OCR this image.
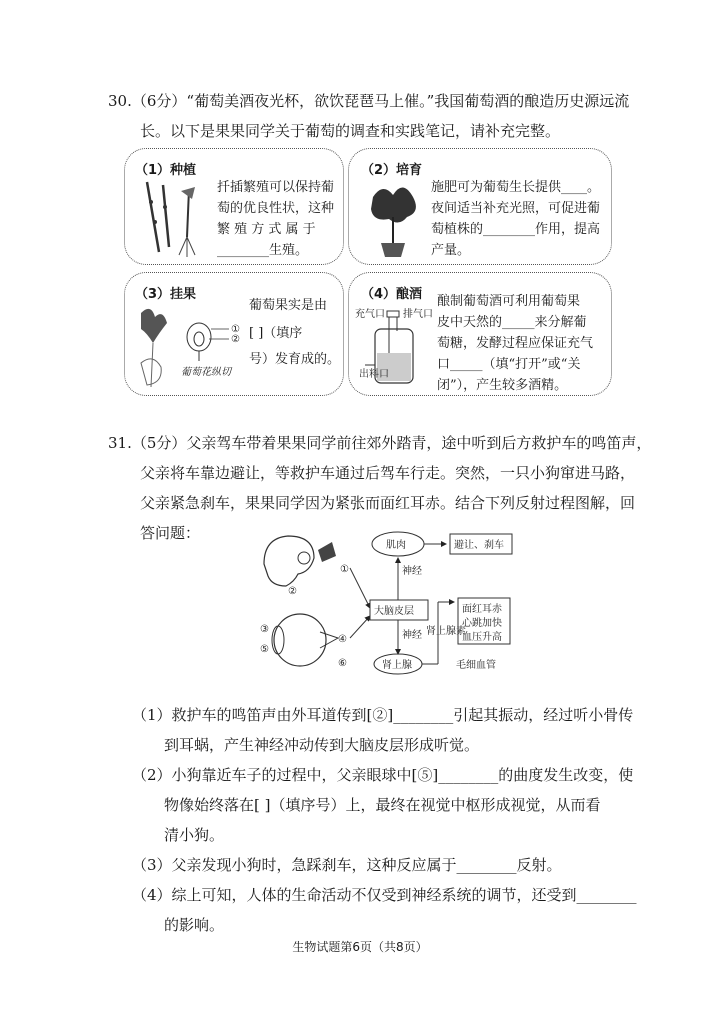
30.（6分）“葡萄美酒夜光杯，欲饮琵琶马上催。”我国葡萄酒的酿造历史源远流
长。以下是果果同学关于葡萄的调查和实践笔记，请补充完整。
（1）种植
扦插繁殖可以保持葡
萄的优良性状，这种
繁 殖 方 式 属 于
________生殖。
（2）培育
施肥可为葡萄生长提供____。
夜间适当补充光照，可促进葡
萄植株的________作用，提高
产量。
（3）挂果
①
②
葡萄花纵切
葡萄果实是由
[ ]（填序
号）发育成的。
（4）酿酒
充气口 排气口
出料口
酿制葡萄酒可利用葡萄果
皮中天然的_____来分解葡
萄糖，发酵过程应保证充气
口_____（填“打开”或“关
闭”），产生较多酒精。
31.（5分）父亲驾车带着果果同学前往郊外踏青，途中听到后方救护车的鸣笛声，
父亲将车靠边避让，等救护车通过后驾车行走。突然，一只小狗窜进马路，
父亲紧急刹车，果果同学因为紧张而面红耳赤。结合下列反射过程图解，回
答问题：
①
②
③
④
⑤
⑥
肌肉	避让、刹车
神经
大脑皮层
神经
肾上腺
肾上腺素
面红耳赤
心跳加快
血压升高
毛细血管
（1）救护车的鸣笛声由外耳道传到[②]________引起其振动，经过听小骨传
到耳蜗，产生神经冲动传到大脑皮层形成听觉。
（2）小狗靠近车子的过程中，父亲眼球中[⑤]________的曲度发生改变，使
物像始终落在[ ]（填序号）上，最终在视觉中枢形成视觉，从而看
清小狗。
（3）父亲发现小狗时，急踩刹车，这种反应属于________反射。
（4）综上可知，人体的生命活动不仅受到神经系统的调节，还受到________
的影响。
生物试题第6页（共8页）
